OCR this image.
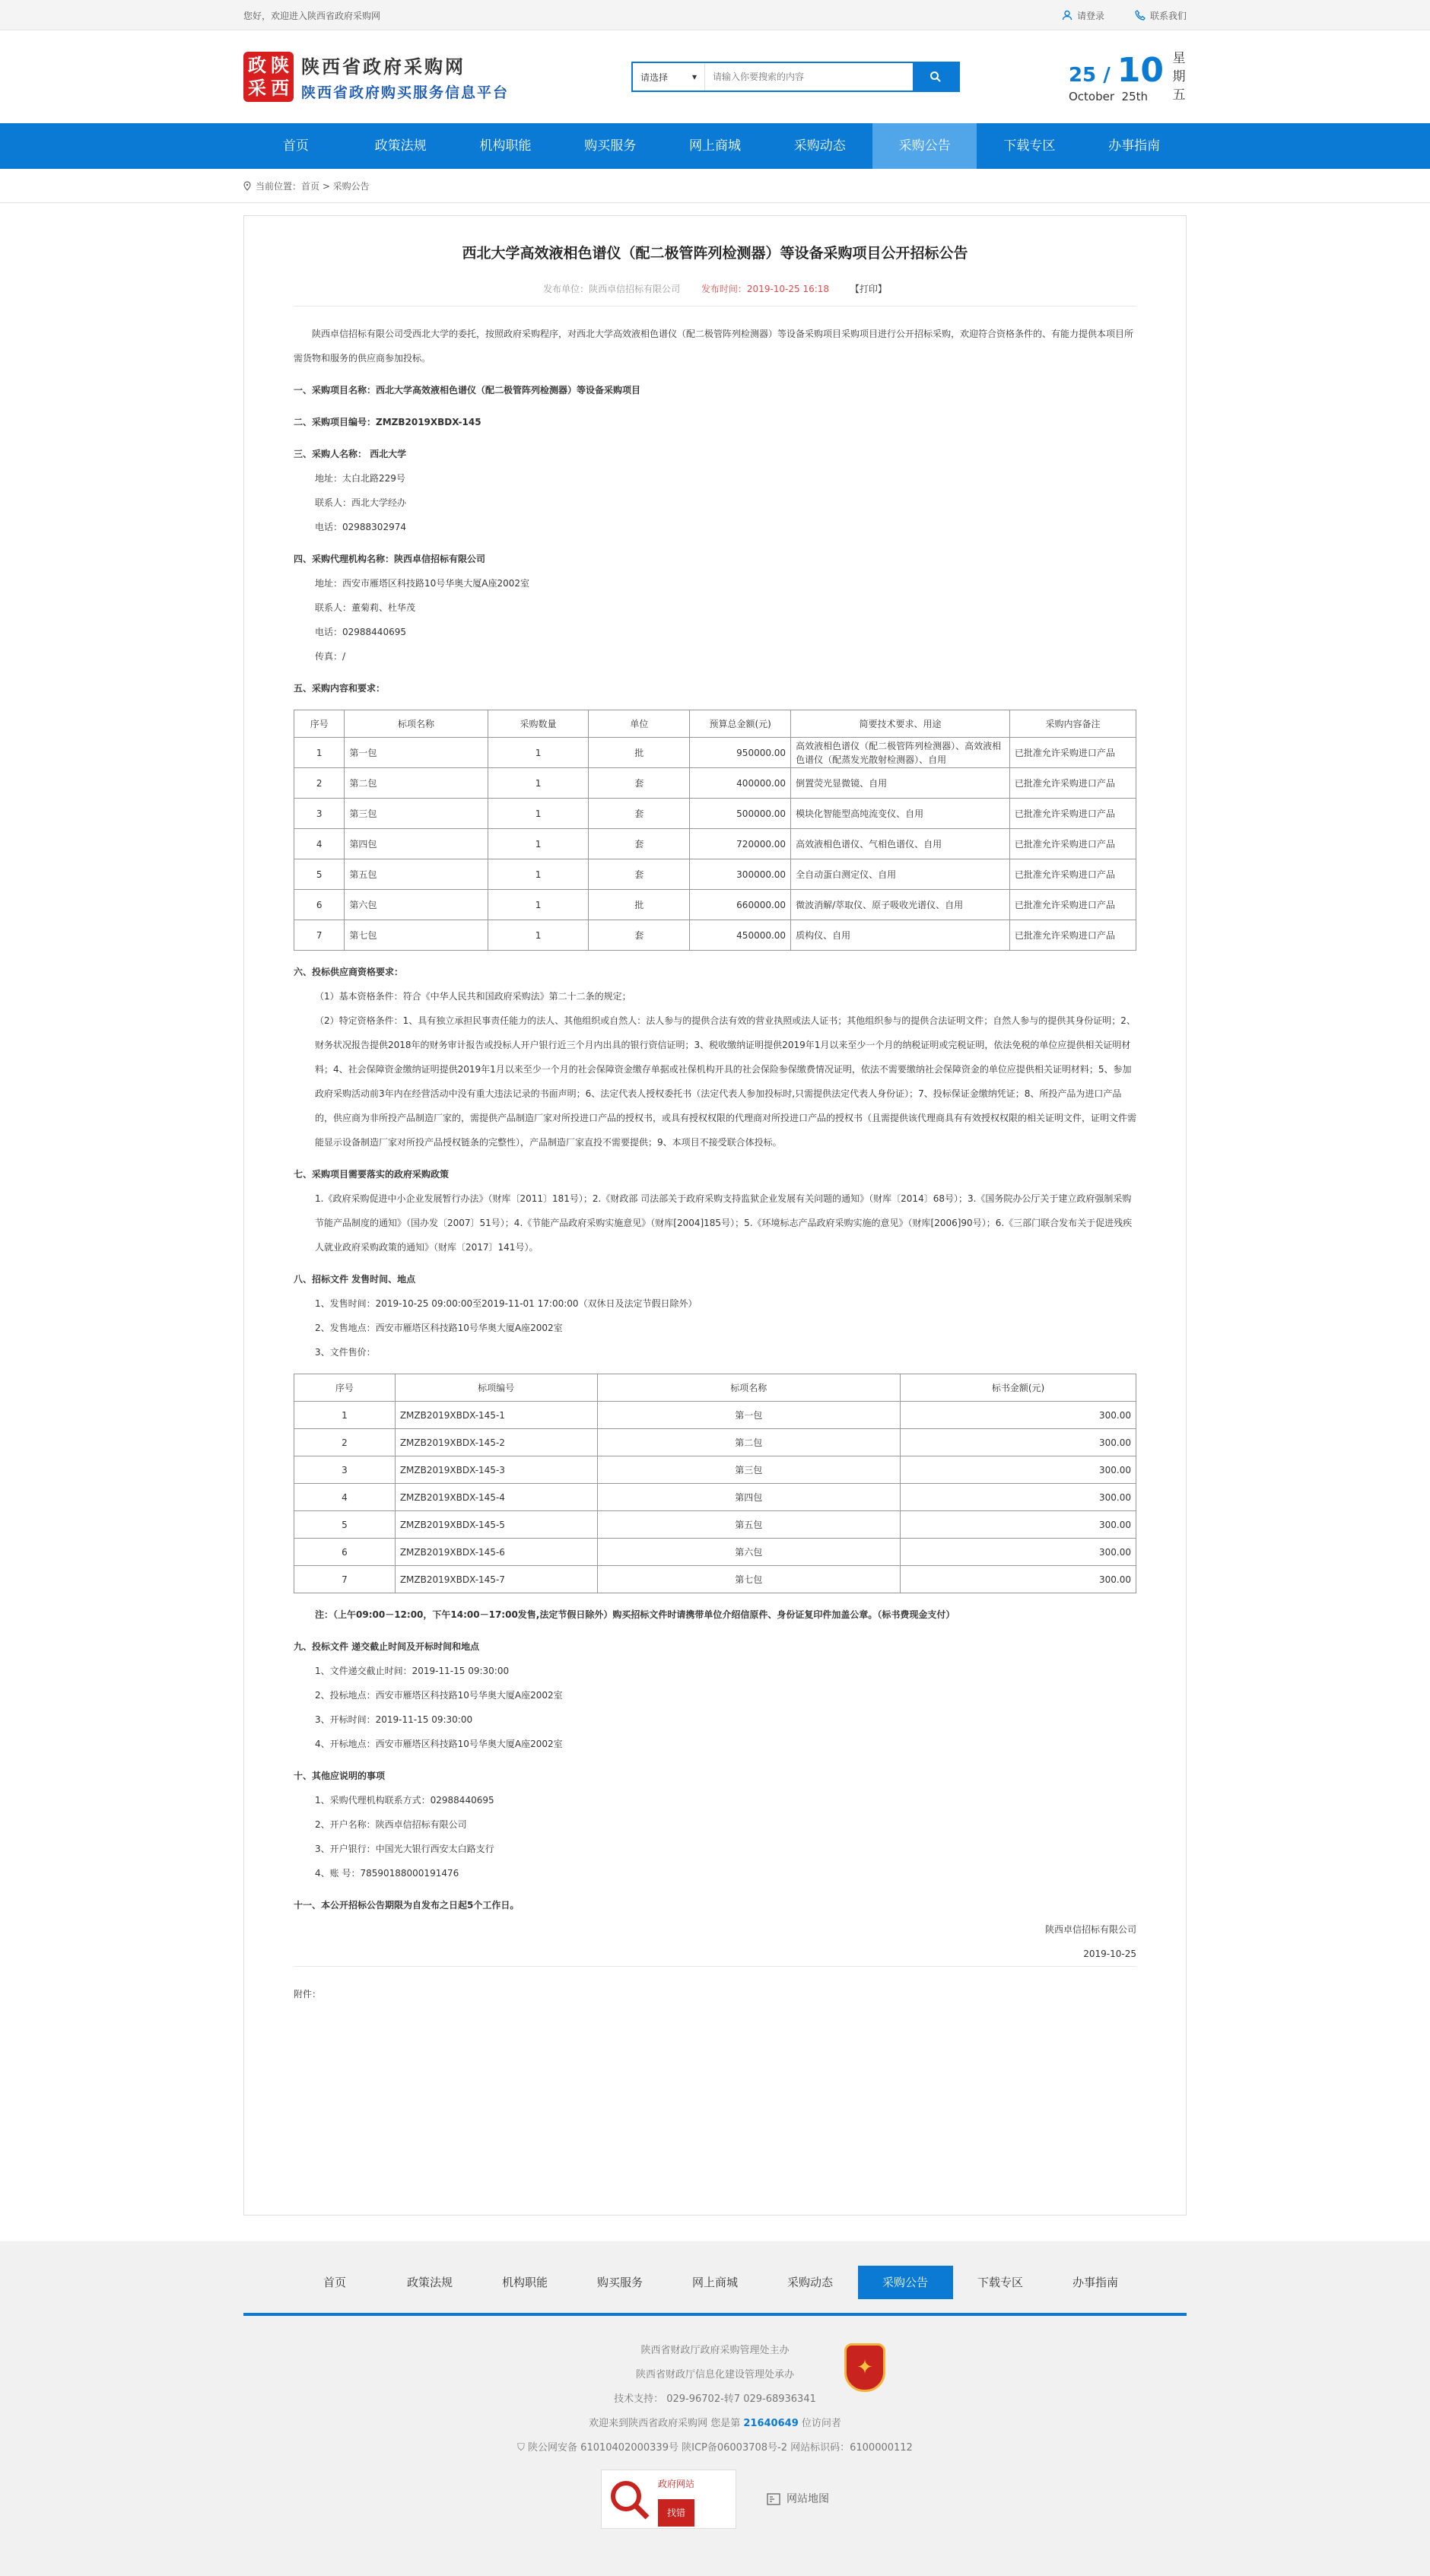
您好，欢迎进入陕西省政府采购网	请登录	联系我们
政 陕
采 西
陕西省政府采购网
陕西省政府购买服务信息平台
请选择	▾
请输入你要搜索的内容	25 / 10
October 25th
星
期
五
首页	政策法规	机构职能	购买服务	网上商城	采购动态	采购公告	下载专区	办事指南
当前位置：首页 > 采购公告
西北大学高效液相色谱仪（配二极管阵列检测器）等设备采购项目公开招标公告
发布单位：陕西卓信招标有限公司 发布时间：2019-10-25 16:18 【打印】

陕西卓信招标有限公司受西北大学的委托，按照政府采购程序，对西北大学高效液相色谱仪（配二极管阵列检测器）等设备采购项目采购项目进行公开招标采购，欢迎符合资格条件的、有能力提供本项目所需货物和服务的供应商参加投标。

一、采购项目名称：西北大学高效液相色谱仪（配二极管阵列检测器）等设备采购项目

二、采购项目编号：ZMZB2019XBDX-145

三、采购人名称： 西北大学

地址：太白北路229号

联系人：西北大学经办

电话：02988302974

四、采购代理机构名称：陕西卓信招标有限公司

地址：西安市雁塔区科技路10号华奥大厦A座2002室

联系人：董菊莉、杜华茂

电话：02988440695

传真：/

五、采购内容和要求：

序号	标项名称	采购数量	单位	预算总金额(元)	简要技术要求、用途	采购内容备注
1	第一包	1	批	950000.00	高效液相色谱仪（配二极管阵列检测器）、高效液相色谱仪（配蒸发光散射检测器）、自用	已批准允许采购进口产品
2	第二包	1	套	400000.00	倒置荧光显微镜、自用	已批准允许采购进口产品
3	第三包	1	套	500000.00	模块化智能型高纯流变仪、自用	已批准允许采购进口产品
4	第四包	1	套	720000.00	高效液相色谱仪、气相色谱仪、自用	已批准允许采购进口产品
5	第五包	1	套	300000.00	全自动蛋白测定仪、自用	已批准允许采购进口产品
6	第六包	1	批	660000.00	微波消解/萃取仪、原子吸收光谱仪、自用	已批准允许采购进口产品
7	第七包	1	套	450000.00	质构仪、自用	已批准允许采购进口产品

六、投标供应商资格要求：

（1）基本资格条件：符合《中华人民共和国政府采购法》第二十二条的规定；

（2）特定资格条件：1、具有独立承担民事责任能力的法人、其他组织或自然人：法人参与的提供合法有效的营业执照或法人证书；其他组织参与的提供合法证明文件；自然人参与的提供其身份证明；2、财务状况报告提供2018年的财务审计报告或投标人开户银行近三个月内出具的银行资信证明；3、税收缴纳证明提供2019年1月以来至少一个月的纳税证明或完税证明，依法免税的单位应提供相关证明材料；4、社会保障资金缴纳证明提供2019年1月以来至少一个月的社会保障资金缴存单据或社保机构开具的社会保险参保缴费情况证明，依法不需要缴纳社会保障资金的单位应提供相关证明材料；5、参加政府采购活动前3年内在经营活动中没有重大违法记录的书面声明；6、法定代表人授权委托书（法定代表人参加投标时,只需提供法定代表人身份证）；7、投标保证金缴纳凭证；8、所投产品为进口产品的，供应商为非所投产品制造厂家的，需提供产品制造厂家对所投进口产品的授权书，或具有授权权限的代理商对所投进口产品的授权书（且需提供该代理商具有有效授权权限的相关证明文件，证明文件需能显示设备制造厂家对所投产品授权链条的完整性），产品制造厂家直投不需要提供；9、本项目不接受联合体投标。

七、采购项目需要落实的政府采购政策

1.《政府采购促进中小企业发展暂行办法》（财库〔2011〕181号）；2.《财政部 司法部关于政府采购支持监狱企业发展有关问题的通知》（财库〔2014〕68号）；3.《国务院办公厅关于建立政府强制采购节能产品制度的通知》（国办发〔2007〕51号）；4.《节能产品政府采购实施意见》（财库[2004]185号）；5.《环境标志产品政府采购实施的意见》（财库[2006]90号）；6.《三部门联合发布关于促进残疾人就业政府采购政策的通知》（财库〔2017〕141号）。

八、招标文件 发售时间、地点

1、发售时间：2019-10-25 09:00:00至2019-11-01 17:00:00（双休日及法定节假日除外）

2、发售地点：西安市雁塔区科技路10号华奥大厦A座2002室

3、文件售价：

序号	标项编号	标项名称	标书金额(元)
1	ZMZB2019XBDX-145-1	第一包	300.00
2	ZMZB2019XBDX-145-2	第二包	300.00
3	ZMZB2019XBDX-145-3	第三包	300.00
4	ZMZB2019XBDX-145-4	第四包	300.00
5	ZMZB2019XBDX-145-5	第五包	300.00
6	ZMZB2019XBDX-145-6	第六包	300.00
7	ZMZB2019XBDX-145-7	第七包	300.00

注：（上午09:00－12:00，下午14:00－17:00发售,法定节假日除外）购买招标文件时请携带单位介绍信原件、身份证复印件加盖公章。（标书费现金支付）

九、投标文件 递交截止时间及开标时间和地点

1、文件递交截止时间：2019-11-15 09:30:00

2、投标地点：西安市雁塔区科技路10号华奥大厦A座2002室

3、开标时间：2019-11-15 09:30:00

4、开标地点：西安市雁塔区科技路10号华奥大厦A座2002室

十、其他应说明的事项

1、采购代理机构联系方式：02988440695

2、开户名称：陕西卓信招标有限公司

3、开户银行：中国光大银行西安太白路支行

4、账 号：78590188000191476

十一、本公开招标公告期限为自发布之日起5个工作日。

陕西卓信招标有限公司

2019-10-25

附件：

首页	政策法规	机构职能	购买服务	网上商城	采购动态	采购公告	下载专区	办事指南
✦
陕西省财政厅政府采购管理处主办
陕西省财政厅信息化建设管理处承办
技术支持： 029-96702-转7 029-68936341
欢迎来到陕西省政府采购网 您是第 21640649 位访问者
⛉ 陕公网安备 61010402000339号 陕ICP备06003708号-2 网站标识码：6100000112
政府网站
找错
网站地图
